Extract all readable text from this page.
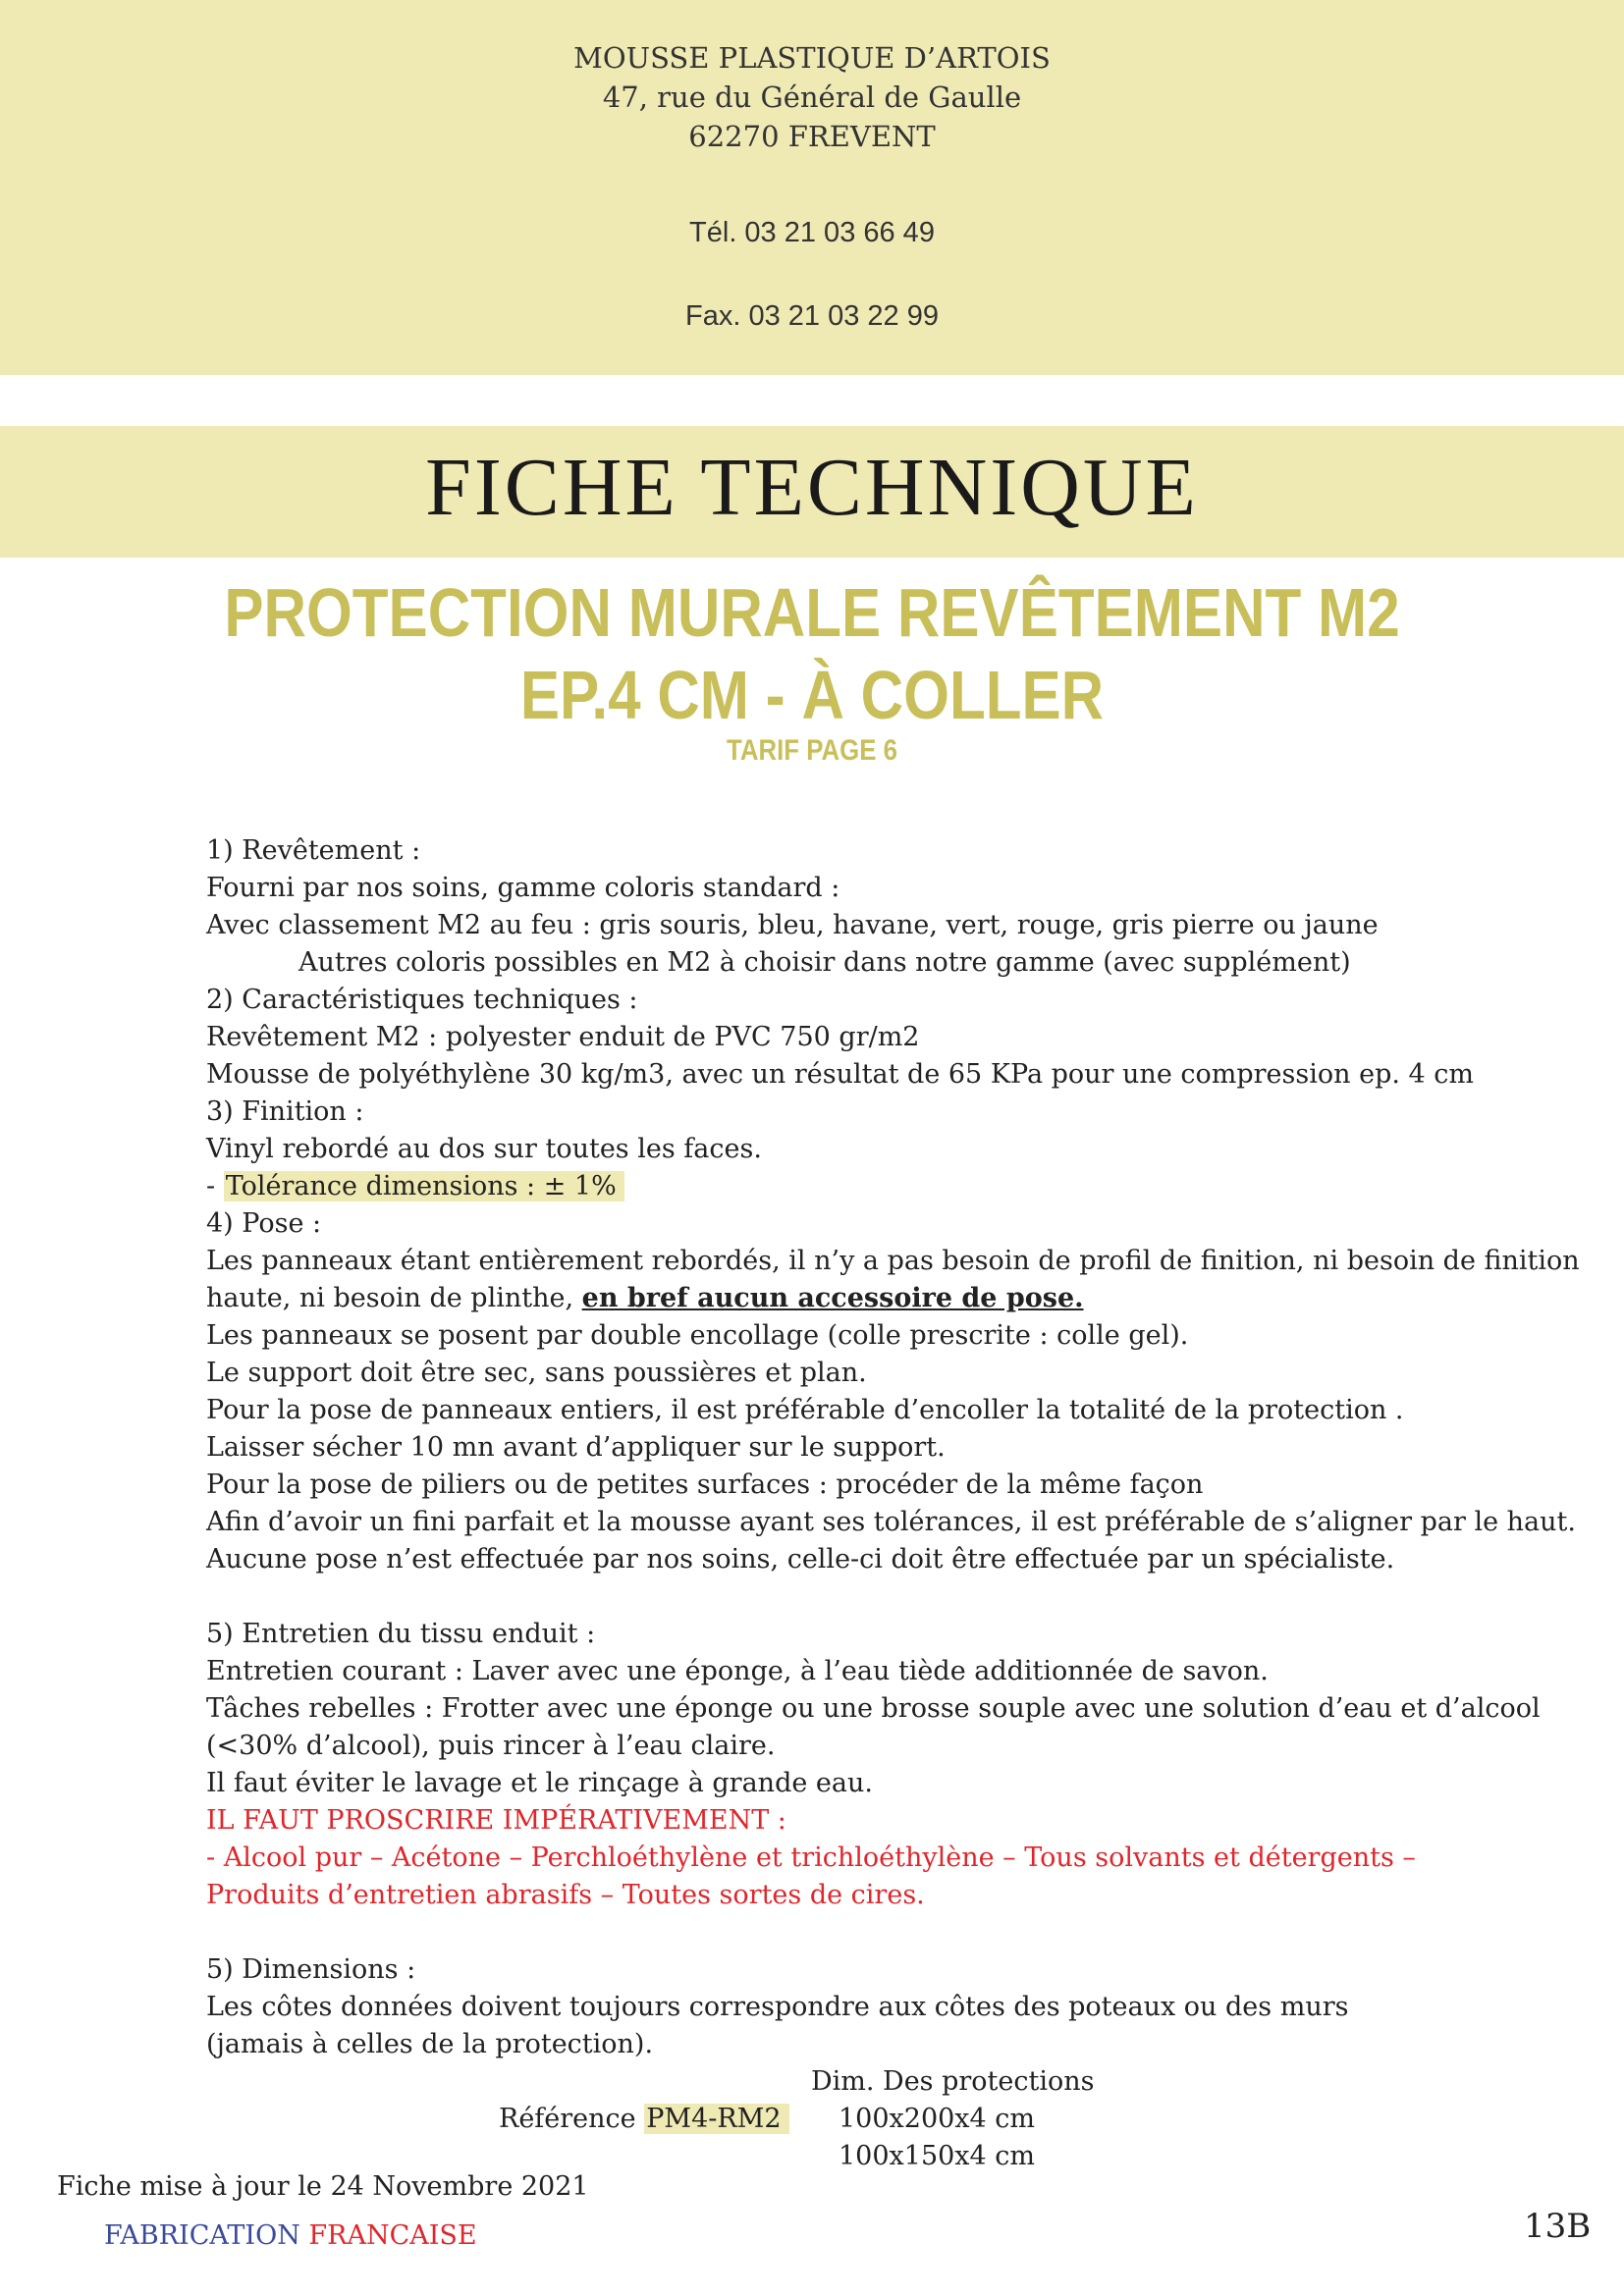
MOUSSE PLASTIQUE D’ARTOIS
47, rue du Général de Gaulle
62270 FREVENT
Tél. 03 21 03 66 49
Fax. 03 21 03 22 99
FICHE TECHNIQUE
PROTECTION MURALE REVÊTEMENT M2
EP.4 CM - À COLLER
TARIF PAGE 6
1) Revêtement :
Fourni par nos soins, gamme coloris standard :
Avec classement M2 au feu : gris souris, bleu, havane, vert, rouge, gris pierre ou jaune
Autres coloris possibles en M2 à choisir dans notre gamme (avec supplément)
2) Caractéristiques techniques :
Revêtement M2 : polyester enduit de PVC 750 gr/m2
Mousse de polyéthylène 30 kg/m3, avec un résultat de 65 KPa pour une compression ep. 4 cm
3) Finition :
Vinyl rebordé au dos sur toutes les faces.
- Tolérance dimensions : ± 1%
4) Pose :
Les panneaux étant entièrement rebordés, il n’y a pas besoin de profil de finition, ni besoin de finition
haute, ni besoin de plinthe, en bref aucun accessoire de pose.
Les panneaux se posent par double encollage (colle prescrite : colle gel).
Le support doit être sec, sans poussières et plan.
Pour la pose de panneaux entiers, il est préférable d’encoller la totalité de la protection .
Laisser sécher 10 mn avant d’appliquer sur le support.
Pour la pose de piliers ou de petites surfaces : procéder de la même façon
Afin d’avoir un fini parfait et la mousse ayant ses tolérances, il est préférable de s’aligner par le haut.
Aucune pose n’est effectuée par nos soins, celle-ci doit être effectuée par un spécialiste.
5) Entretien du tissu enduit :
Entretien courant : Laver avec une éponge, à l’eau tiède additionnée de savon.
Tâches rebelles : Frotter avec une éponge ou une brosse souple avec une solution d’eau et d’alcool
(<30% d’alcool), puis rincer à l’eau claire.
Il faut éviter le lavage et le rinçage à grande eau.
IL FAUT PROSCRIRE IMPÉRATIVEMENT :
- Alcool pur – Acétone – Perchloéthylène et trichloéthylène – Tous solvants et détergents –
Produits d’entretien abrasifs – Toutes sortes de cires.
5) Dimensions :
Les côtes données doivent toujours correspondre aux côtes des poteaux ou des murs
(jamais à celles de la protection).
Dim. Des protections
Référence PM4-RM2 100x200x4 cm
100x150x4 cm
Fiche mise à jour le 24 Novembre 2021
FABRICATION FRANCAISE	13B
